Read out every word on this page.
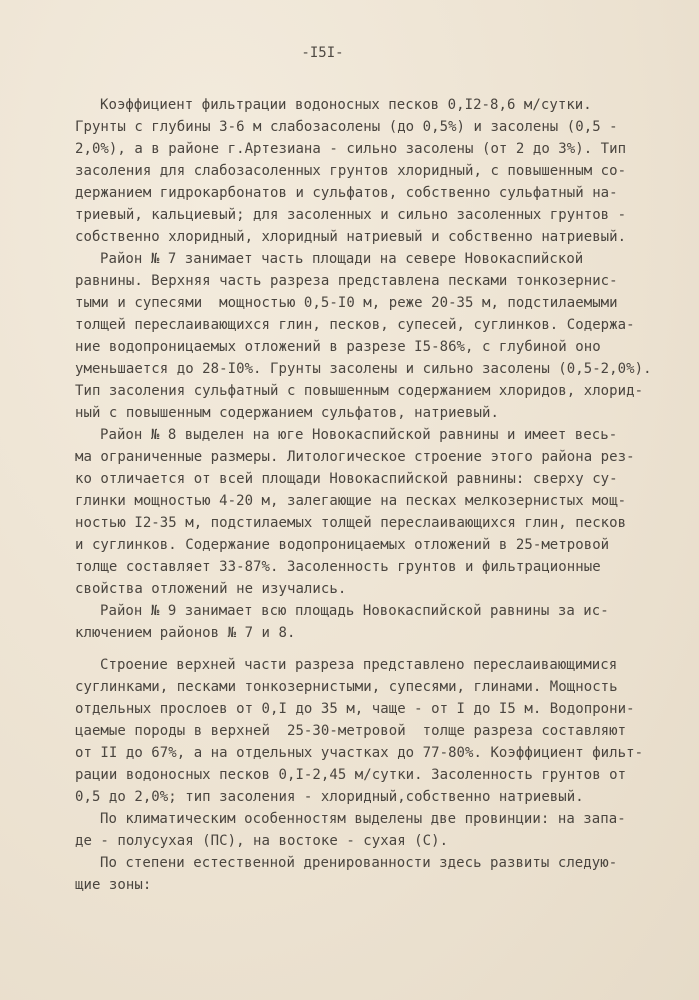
-I5I-
Коэффициент фильтрации водоносных песков 0,I2-8,6 м/сутки.
Грунты с глубины 3-6 м слабозасолены (до 0,5%) и засолены (0,5 -
2,0%), а в районе г.Артезиана - сильно засолены (от 2 до 3%). Тип
засоления для слабозасоленных грунтов хлоридный, с повышенным со-
держанием гидрокарбонатов и сульфатов, собственно сульфатный на-
триевый, кальциевый; для засоленных и сильно засоленных грунтов -
собственно хлоридный, хлоридный натриевый и собственно натриевый.
Район № 7 занимает часть площади на севере Новокаспийской
равнины. Верхняя часть разреза представлена песками тонкозернис-
тыми и супесями  мощностью 0,5-I0 м, реже 20-35 м, подстилаемыми
толщей переслаивающихся глин, песков, супесей, суглинков. Содержа-
ние водопроницаемых отложений в разрезе I5-86%, с глубиной оно
уменьшается до 28-I0%. Грунты засолены и сильно засолены (0,5-2,0%).
Тип засоления сульфатный с повышенным содержанием хлоридов, хлорид-
ный с повышенным содержанием сульфатов, натриевый.
Район № 8 выделен на юге Новокаспийской равнины и имеет весь-
ма ограниченные размеры. Литологическое строение этого района рез-
ко отличается от всей площади Новокаспийской равнины: сверху су-
глинки мощностью 4-20 м, залегающие на песках мелкозернистых мощ-
ностью I2-35 м, подстилаемых толщей переслаивающихся глин, песков
и суглинков. Содержание водопроницаемых отложений в 25-метровой
толще составляет 33-87%. Засоленность грунтов и фильтрационные
свойства отложений не изучались.
Район № 9 занимает всю площадь Новокаспийской равнины за ис-
ключением районов № 7 и 8.
Строение верхней части разреза представлено переслаивающимися
суглинками, песками тонкозернистыми, супесями, глинами. Мощность
отдельных прослоев от 0,I до 35 м, чаще - от I до I5 м. Водопрони-
цаемые породы в верхней  25-30-метровой  толще разреза составляют
от II до 67%, а на отдельных участках до 77-80%. Коэффициент фильт-
рации водоносных песков 0,I-2,45 м/сутки. Засоленность грунтов от
0,5 до 2,0%; тип засоления - хлоридный,собственно натриевый.
По климатическим особенностям выделены две провинции: на запа-
де - полусухая (ПС), на востоке - сухая (С).
По степени естественной дренированности здесь развиты следую-
щие зоны:
